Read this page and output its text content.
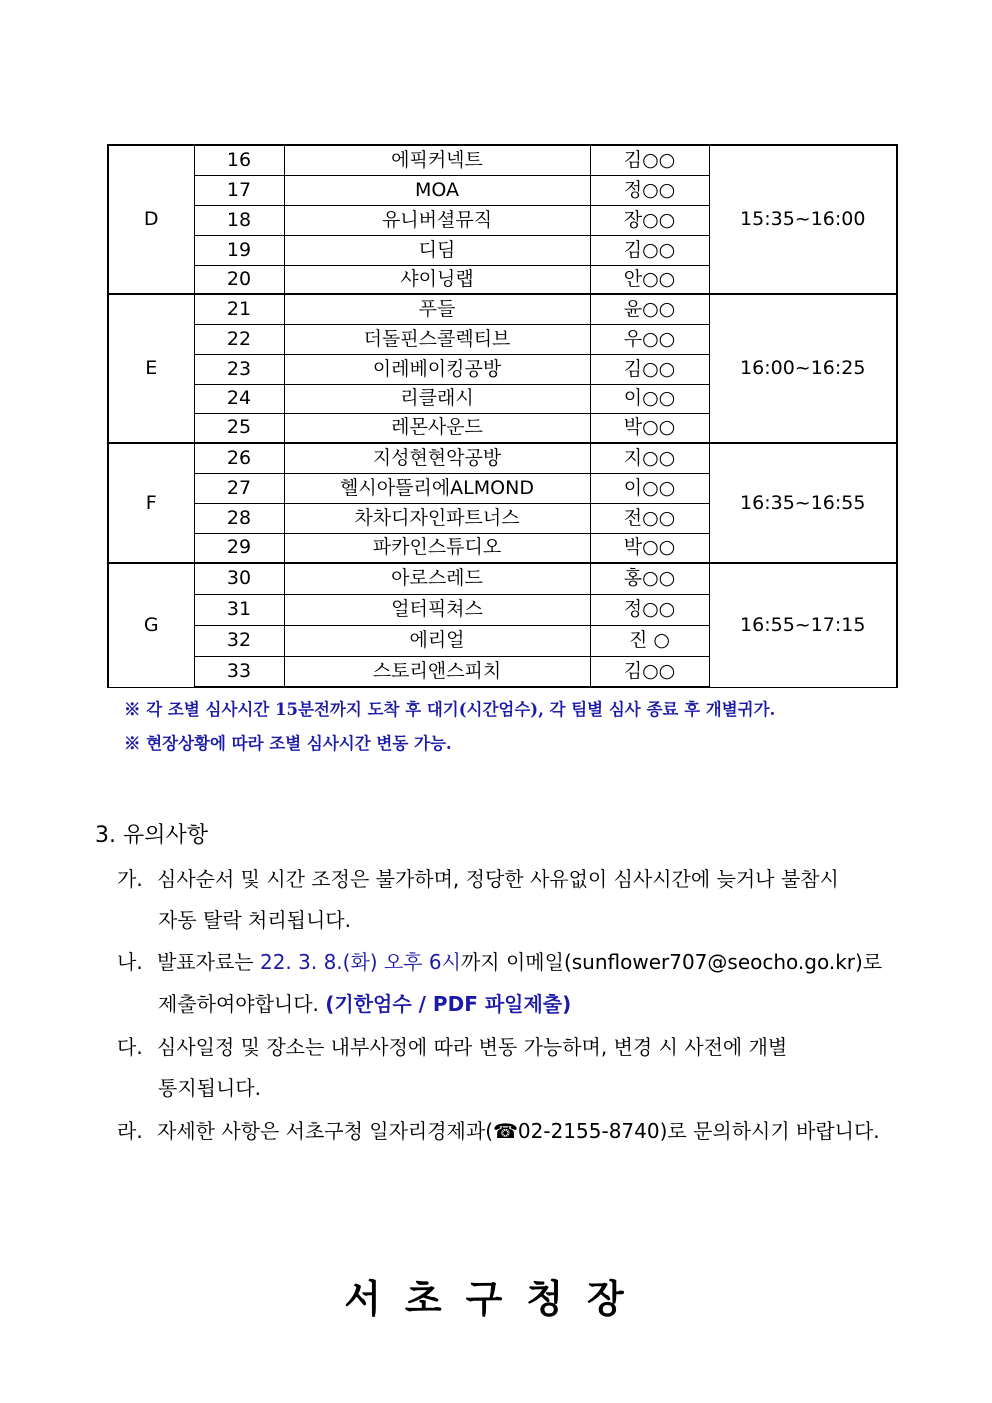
D	16	에픽커넥트	김○○	15:35~16:00
	17	MOA	정○○	
	18	유니버셜뮤직	장○○	
	19	디딤	김○○	
	20	샤이닝랩	안○○	
E	21	푸들	윤○○	16:00~16:25
	22	더돌핀스콜렉티브	우○○	
	23	이레베이킹공방	김○○	
	24	리클래시	이○○	
	25	레몬사운드	박○○	
F	26	지성현현악공방	지○○	16:35~16:55
	27	헬시아뜰리에ALMOND	이○○	
	28	차차디자인파트너스	전○○	
	29	파카인스튜디오	박○○	
G	30	아로스레드	홍○○	16:55~17:15
	31	얼터픽쳐스	정○○	
	32	에리얼	진 ○	
	33	스토리앤스피치	김○○	
※ 각 조별 심사시간 15분전까지 도착 후 대기(시간엄수), 각 팀별 심사 종료 후 개별귀가.
※ 현장상황에 따라 조별 심사시간 변동 가능.
3. 유의사항
가. 심사순서 및 시간 조정은 불가하며, 정당한 사유없이 심사시간에 늦거나 불참시
자동 탈락 처리됩니다.
나. 발표자료는 22. 3. 8.(화) 오후 6시까지 이메일(sunflower707@seocho.go.kr)로
제출하여야합니다. (기한엄수 / PDF 파일제출)
다. 심사일정 및 장소는 내부사정에 따라 변동 가능하며, 변경 시 사전에 개별
통지됩니다.
라. 자세한 사항은 서초구청 일자리경제과(☎02-2155-8740)로 문의하시기 바랍니다.
서초구청장
